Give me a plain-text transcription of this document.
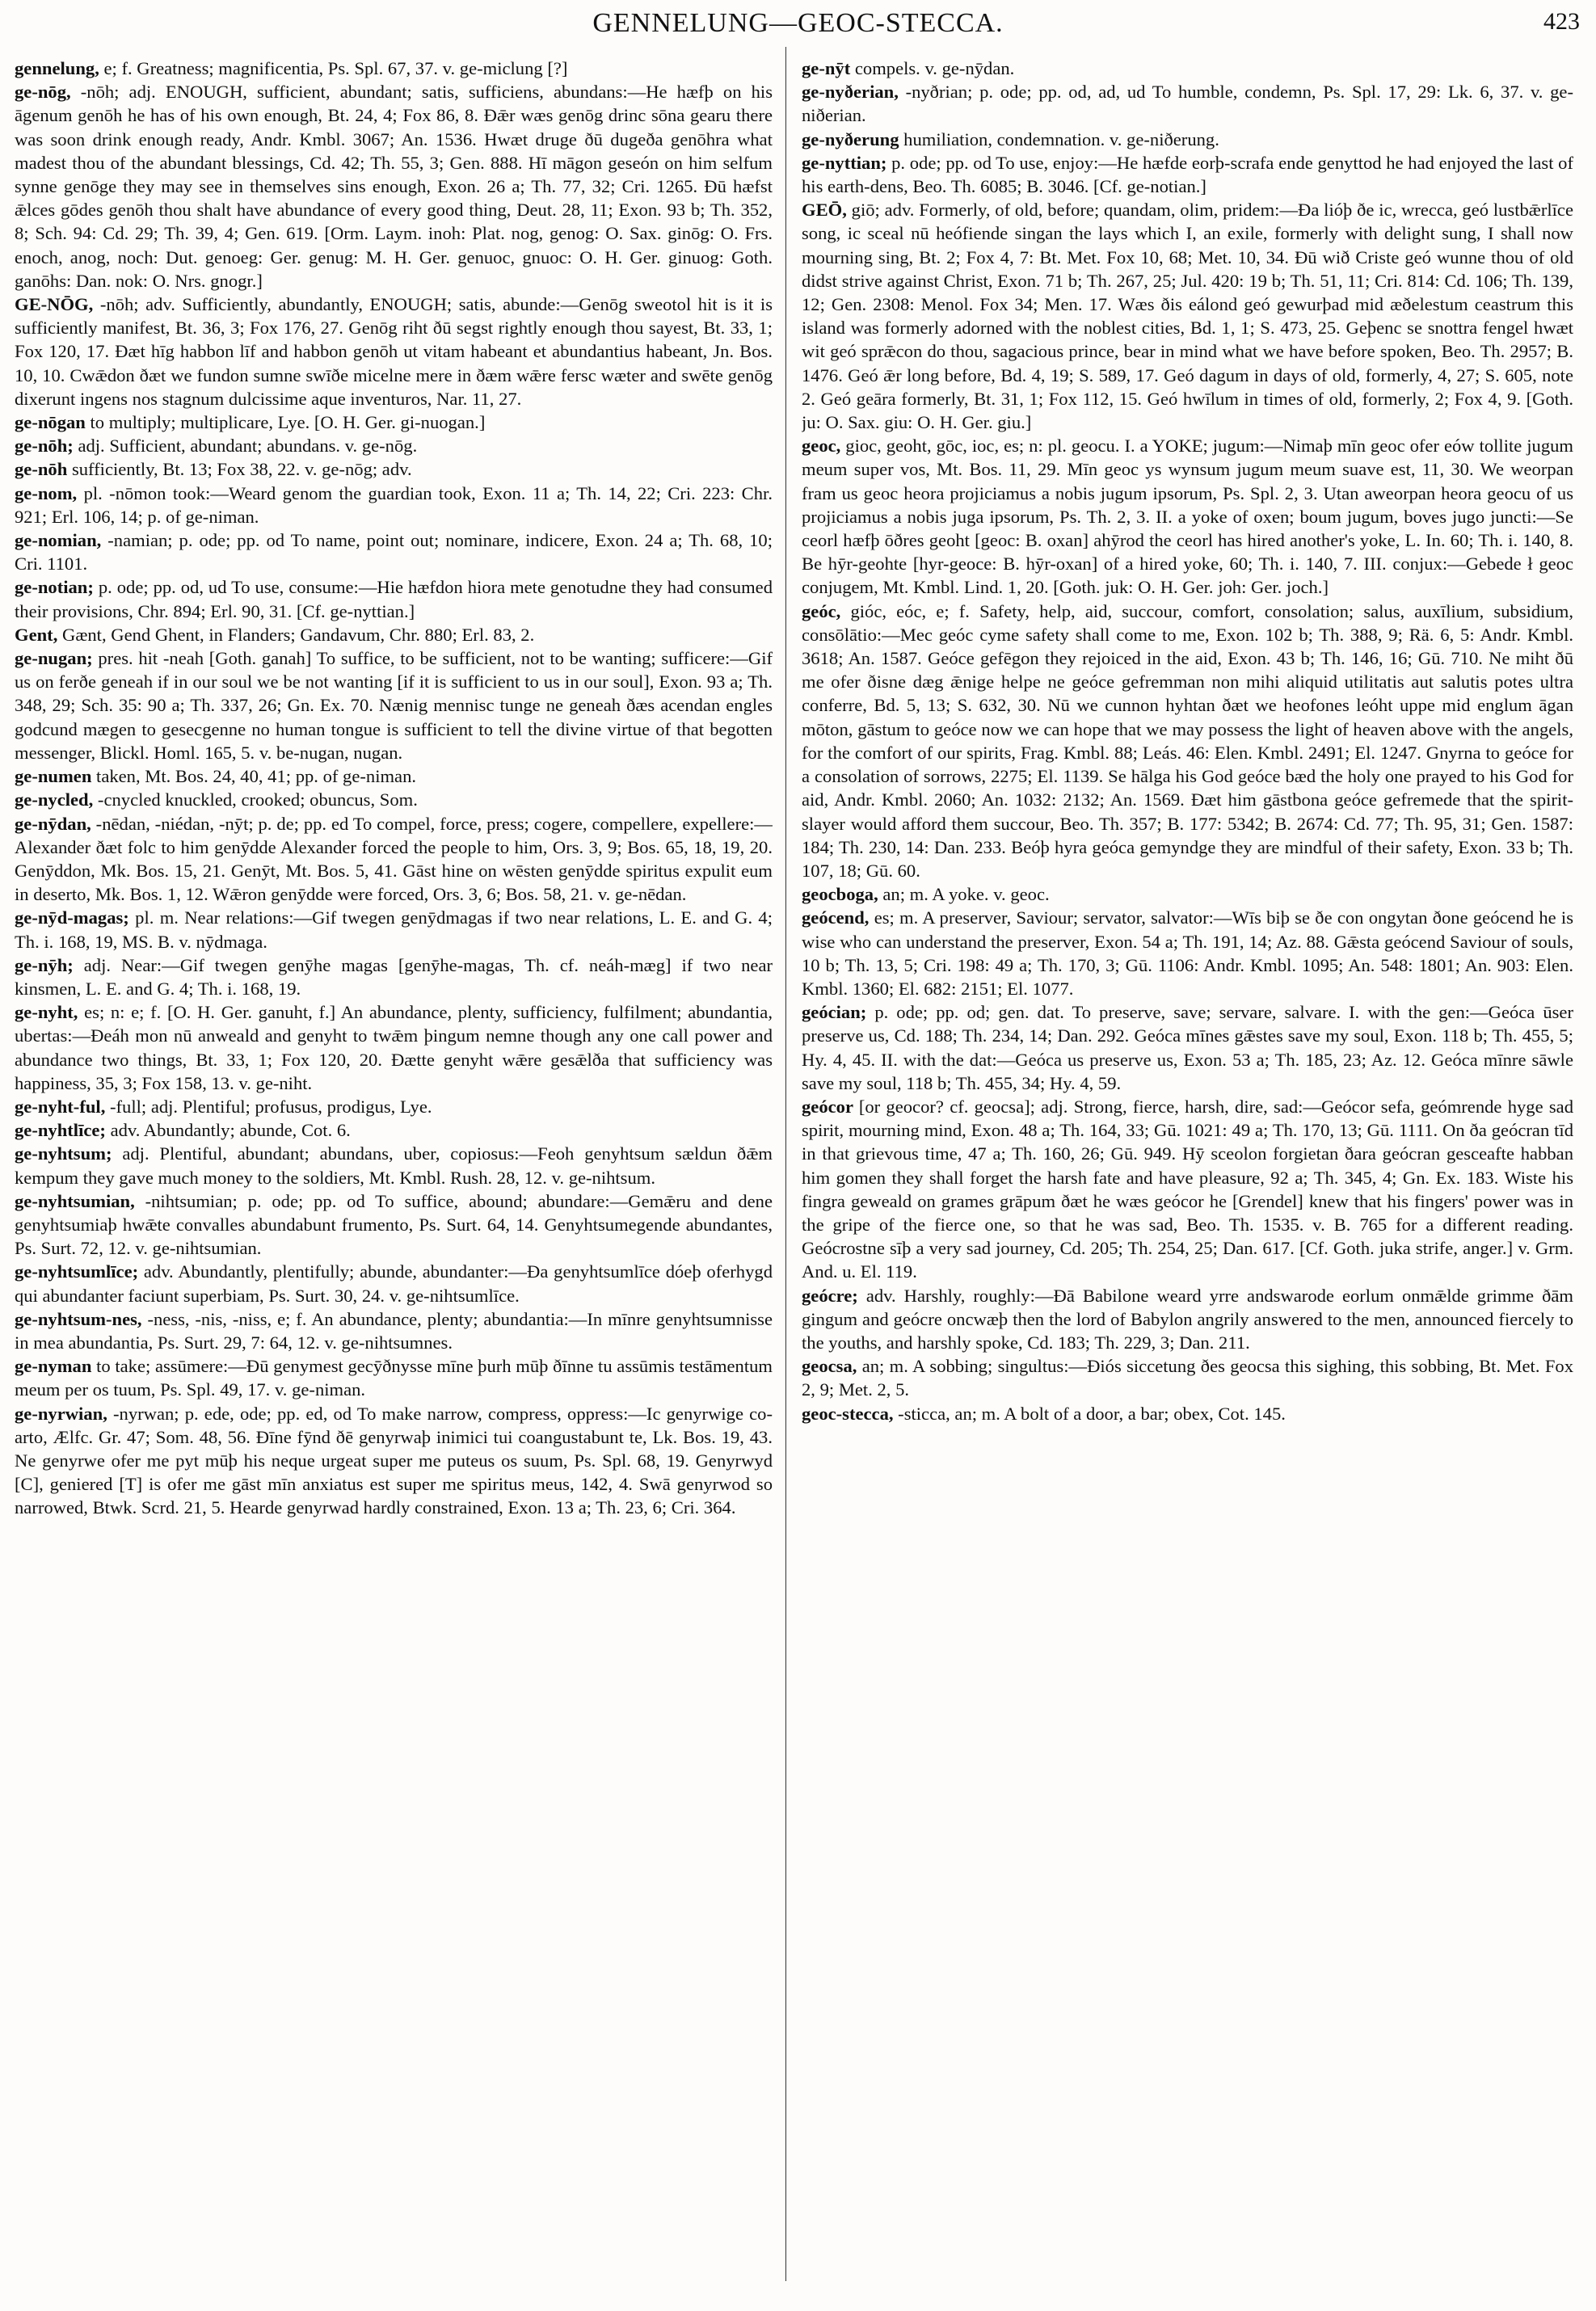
GENNELUNG—GEOC-STECCA.	423

gennelung, e; f. Greatness; magnificentia, Ps. Spl. 67, 37. v. ge-miclung [?]

ge-nōg, -nōh; adj. ENOUGH, sufficient, abundant; satis, sufficiens, abundans:—He hæfþ on his āgenum genōh he has of his own enough, Bt. 24, 4; Fox 86, 8. Ðǣr wæs genōg drinc sōna gearu there was soon drink enough ready, Andr. Kmbl. 3067; An. 1536. Hwæt druge ðū dugeða genōhra what madest thou of the abundant blessings, Cd. 42; Th. 55, 3; Gen. 888. Hī māgon geseón on him selfum synne genōge they may see in themselves sins enough, Exon. 26 a; Th. 77, 32; Cri. 1265. Ðū hæfst ǣlces gōdes genōh thou shalt have abundance of every good thing, Deut. 28, 11; Exon. 93 b; Th. 352, 8; Sch. 94: Cd. 29; Th. 39, 4; Gen. 619. [Orm. Laym. inoh: Plat. nog, genog: O. Sax. ginōg: O. Frs. enoch, anog, noch: Dut. genoeg: Ger. genug: M. H. Ger. genuoc, gnuoc: O. H. Ger. ginuog: Goth. ganōhs: Dan. nok: O. Nrs. gnogr.]

GE-NŌG, -nōh; adv. Sufficiently, abundantly, ENOUGH; satis, abunde:—Genōg sweotol hit is it is sufficiently manifest, Bt. 36, 3; Fox 176, 27. Genōg riht ðū segst rightly enough thou sayest, Bt. 33, 1; Fox 120, 17. Ðæt hīg habbon līf and habbon genōh ut vitam habeant et abundantius habeant, Jn. Bos. 10, 10. Cwǣdon ðæt we fundon sumne swīðe micelne mere in ðæm wǣre fersc wæter and swēte genōg dixerunt ingens nos stagnum dulcissime aque inventuros, Nar. 11, 27.

ge-nōgan to multiply; multiplicare, Lye. [O. H. Ger. gi-nuogan.]

ge-nōh; adj. Sufficient, abundant; abundans. v. ge-nōg.

ge-nōh sufficiently, Bt. 13; Fox 38, 22. v. ge-nōg; adv.

ge-nom, pl. -nōmon took:—Weard genom the guardian took, Exon. 11 a; Th. 14, 22; Cri. 223: Chr. 921; Erl. 106, 14; p. of ge-niman.

ge-nomian, -namian; p. ode; pp. od To name, point out; nominare, indicere, Exon. 24 a; Th. 68, 10; Cri. 1101.

ge-notian; p. ode; pp. od, ud To use, consume:—Hie hæfdon hiora mete genotudne they had consumed their provisions, Chr. 894; Erl. 90, 31. [Cf. ge-nyttian.]

Gent, Gænt, Gend Ghent, in Flanders; Gandavum, Chr. 880; Erl. 83, 2.

ge-nugan; pres. hit -neah [Goth. ganah] To suffice, to be sufficient, not to be wanting; sufficere:—Gif us on ferðe geneah if in our soul we be not wanting [if it is sufficient to us in our soul], Exon. 93 a; Th. 348, 29; Sch. 35: 90 a; Th. 337, 26; Gn. Ex. 70. Nænig mennisc tunge ne geneah ðæs acendan engles godcund mægen to gesecgenne no human tongue is sufficient to tell the divine virtue of that begotten messenger, Blickl. Homl. 165, 5. v. be-nugan, nugan.

ge-numen taken, Mt. Bos. 24, 40, 41; pp. of ge-niman.

ge-nycled, -cnycled knuckled, crooked; obuncus, Som.

ge-nȳdan, -nēdan, -niédan, -nȳt; p. de; pp. ed To compel, force, press; cogere, compellere, expellere:—Alexander ðæt folc to him genȳdde Alexander forced the people to him, Ors. 3, 9; Bos. 65, 18, 19, 20. Genȳddon, Mk. Bos. 15, 21. Genȳt, Mt. Bos. 5, 41. Gāst hine on wēsten genȳdde spiritus expulit eum in deserto, Mk. Bos. 1, 12. Wǣron genȳdde were forced, Ors. 3, 6; Bos. 58, 21. v. ge-nēdan.

ge-nȳd-magas; pl. m. Near relations:—Gif twegen genȳdmagas if two near relations, L. E. and G. 4; Th. i. 168, 19, MS. B. v. nȳdmaga.

ge-nȳh; adj. Near:—Gif twegen genȳhe magas [genȳhe-magas, Th. cf. neáh-mæg] if two near kinsmen, L. E. and G. 4; Th. i. 168, 19.

ge-nyht, es; n: e; f. [O. H. Ger. ganuht, f.] An abundance, plenty, sufficiency, fulfilment; abundantia, ubertas:—Ðeáh mon nū anweald and genyht to twǣm þingum nemne though any one call power and abundance two things, Bt. 33, 1; Fox 120, 20. Ðætte genyht wǣre gesǣlða that sufficiency was happiness, 35, 3; Fox 158, 13. v. ge-niht.

ge-nyht-ful, -full; adj. Plentiful; profusus, prodigus, Lye.

ge-nyhtlīce; adv. Abundantly; abunde, Cot. 6.

ge-nyhtsum; adj. Plentiful, abundant; abundans, uber, copiosus:—Feoh genyhtsum sældun ðǣm kempum they gave much money to the soldiers, Mt. Kmbl. Rush. 28, 12. v. ge-nihtsum.

ge-nyhtsumian, -nihtsumian; p. ode; pp. od To suffice, abound; abundare:—Gemǣru and dene genyhtsumiaþ hwǣte convalles abundabunt frumento, Ps. Surt. 64, 14. Genyhtsumegende abundantes, Ps. Surt. 72, 12. v. ge-nihtsumian.

ge-nyhtsumlīce; adv. Abundantly, plentifully; abunde, abundanter:—Ða genyhtsumlīce dóeþ oferhygd qui abundanter faciunt superbiam, Ps. Surt. 30, 24. v. ge-nihtsumlīce.

ge-nyhtsum-nes, -ness, -nis, -niss, e; f. An abundance, plenty; abundantia:—In mīnre genyhtsumnisse in mea abundantia, Ps. Surt. 29, 7: 64, 12. v. ge-nihtsumnes.

ge-nyman to take; assūmere:—Ðū genymest gecȳðnysse mīne þurh mūþ ðīnne tu assūmis testāmentum meum per os tuum, Ps. Spl. 49, 17. v. ge-niman.

ge-nyrwian, -nyrwan; p. ede, ode; pp. ed, od To make narrow, compress, oppress:—Ic genyrwige co-arto, Ælfc. Gr. 47; Som. 48, 56. Ðīne fȳnd ðē genyrwaþ inimici tui coangustabunt te, Lk. Bos. 19, 43. Ne genyrwe ofer me pyt mūþ his neque urgeat super me puteus os suum, Ps. Spl. 68, 19. Genyrwyd [C], geniered [T] is ofer me gāst mīn anxiatus est super me spiritus meus, 142, 4. Swā genyrwod so narrowed, Btwk. Scrd. 21, 5. Hearde genyrwad hardly constrained, Exon. 13 a; Th. 23, 6; Cri. 364.

ge-nȳt compels. v. ge-nȳdan.

ge-nyðerian, -nyðrian; p. ode; pp. od, ad, ud To humble, condemn, Ps. Spl. 17, 29: Lk. 6, 37. v. ge-niðerian.

ge-nyðerung humiliation, condemnation. v. ge-niðerung.

ge-nyttian; p. ode; pp. od To use, enjoy:—He hæfde eorþ-scrafa ende genyttod he had enjoyed the last of his earth-dens, Beo. Th. 6085; B. 3046. [Cf. ge-notian.]

GEŌ, giō; adv. Formerly, of old, before; quandam, olim, pridem:—Ða lióþ ðe ic, wrecca, geó lustbǣrlīce song, ic sceal nū heófiende singan the lays which I, an exile, formerly with delight sung, I shall now mourning sing, Bt. 2; Fox 4, 7: Bt. Met. Fox 10, 68; Met. 10, 34. Ðū wið Criste geó wunne thou of old didst strive against Christ, Exon. 71 b; Th. 267, 25; Jul. 420: 19 b; Th. 51, 11; Cri. 814: Cd. 106; Th. 139, 12; Gen. 2308: Menol. Fox 34; Men. 17. Wæs ðis eálond geó gewurþad mid æðelestum ceastrum this island was formerly adorned with the noblest cities, Bd. 1, 1; S. 473, 25. Geþenc se snottra fengel hwæt wit geó sprǣcon do thou, sagacious prince, bear in mind what we have before spoken, Beo. Th. 2957; B. 1476. Geó ǣr long before, Bd. 4, 19; S. 589, 17. Geó dagum in days of old, formerly, 4, 27; S. 605, note 2. Geó geāra formerly, Bt. 31, 1; Fox 112, 15. Geó hwīlum in times of old, formerly, 2; Fox 4, 9. [Goth. ju: O. Sax. giu: O. H. Ger. giu.]

geoc, gioc, geoht, gōc, ioc, es; n: pl. geocu. I. a YOKE; jugum:—Nimaþ mīn geoc ofer eów tollite jugum meum super vos, Mt. Bos. 11, 29. Mīn geoc ys wynsum jugum meum suave est, 11, 30. We weorpan fram us geoc heora projiciamus a nobis jugum ipsorum, Ps. Spl. 2, 3. Utan aweorpan heora geocu of us projiciamus a nobis juga ipsorum, Ps. Th. 2, 3. II. a yoke of oxen; boum jugum, boves jugo juncti:—Se ceorl hæfþ ōðres geoht [geoc: B. oxan] ahȳrod the ceorl has hired another's yoke, L. In. 60; Th. i. 140, 8. Be hȳr-geohte [hyr-geoce: B. hȳr-oxan] of a hired yoke, 60; Th. i. 140, 7. III. conjux:—Gebede ł geoc conjugem, Mt. Kmbl. Lind. 1, 20. [Goth. juk: O. H. Ger. joh: Ger. joch.]

geóc, gióc, eóc, e; f. Safety, help, aid, succour, comfort, consolation; salus, auxīlium, subsidium, consōlātio:—Mec geóc cyme safety shall come to me, Exon. 102 b; Th. 388, 9; Rä. 6, 5: Andr. Kmbl. 3618; An. 1587. Geóce gefēgon they rejoiced in the aid, Exon. 43 b; Th. 146, 16; Gū. 710. Ne miht ðū me ofer ðisne dæg ǣnige helpe ne geóce gefremman non mihi aliquid utilitatis aut salutis potes ultra conferre, Bd. 5, 13; S. 632, 30. Nū we cunnon hyhtan ðæt we heofones leóht uppe mid englum āgan mōton, gāstum to geóce now we can hope that we may possess the light of heaven above with the angels, for the comfort of our spirits, Frag. Kmbl. 88; Leás. 46: Elen. Kmbl. 2491; El. 1247. Gnyrna to geóce for a consolation of sorrows, 2275; El. 1139. Se hālga his God geóce bæd the holy one prayed to his God for aid, Andr. Kmbl. 2060; An. 1032: 2132; An. 1569. Ðæt him gāstbona geóce gefremede that the spirit-slayer would afford them succour, Beo. Th. 357; B. 177: 5342; B. 2674: Cd. 77; Th. 95, 31; Gen. 1587: 184; Th. 230, 14: Dan. 233. Beóþ hyra geóca gemyndge they are mindful of their safety, Exon. 33 b; Th. 107, 18; Gū. 60.

geocboga, an; m. A yoke. v. geoc.

geócend, es; m. A preserver, Saviour; servator, salvator:—Wīs biþ se ðe con ongytan ðone geócend he is wise who can understand the preserver, Exon. 54 a; Th. 191, 14; Az. 88. Gǣsta geócend Saviour of souls, 10 b; Th. 13, 5; Cri. 198: 49 a; Th. 170, 3; Gū. 1106: Andr. Kmbl. 1095; An. 548: 1801; An. 903: Elen. Kmbl. 1360; El. 682: 2151; El. 1077.

geócian; p. ode; pp. od; gen. dat. To preserve, save; servare, salvare. I. with the gen:—Geóca ūser preserve us, Cd. 188; Th. 234, 14; Dan. 292. Geóca mīnes gǣstes save my soul, Exon. 118 b; Th. 455, 5; Hy. 4, 45. II. with the dat:—Geóca us preserve us, Exon. 53 a; Th. 185, 23; Az. 12. Geóca mīnre sāwle save my soul, 118 b; Th. 455, 34; Hy. 4, 59.

geócor [or geocor? cf. geocsa]; adj. Strong, fierce, harsh, dire, sad:—Geócor sefa, geómrende hyge sad spirit, mourning mind, Exon. 48 a; Th. 164, 33; Gū. 1021: 49 a; Th. 170, 13; Gū. 1111. On ða geócran tīd in that grievous time, 47 a; Th. 160, 26; Gū. 949. Hȳ sceolon forgietan ðara geócran gesceafte habban him gomen they shall forget the harsh fate and have pleasure, 92 a; Th. 345, 4; Gn. Ex. 183. Wiste his fingra geweald on grames grāpum ðæt he wæs geócor he [Grendel] knew that his fingers' power was in the gripe of the fierce one, so that he was sad, Beo. Th. 1535. v. B. 765 for a different reading. Geócrostne sīþ a very sad journey, Cd. 205; Th. 254, 25; Dan. 617. [Cf. Goth. juka strife, anger.] v. Grm. And. u. El. 119.

geócre; adv. Harshly, roughly:—Ðā Babilone weard yrre andswarode eorlum onmǣlde grimme ðām gingum and geócre oncwæþ then the lord of Babylon angrily answered to the men, announced fiercely to the youths, and harshly spoke, Cd. 183; Th. 229, 3; Dan. 211.

geocsa, an; m. A sobbing; singultus:—Ðiós siccetung ðes geocsa this sighing, this sobbing, Bt. Met. Fox 2, 9; Met. 2, 5.

geoc-stecca, -sticca, an; m. A bolt of a door, a bar; obex, Cot. 145.
